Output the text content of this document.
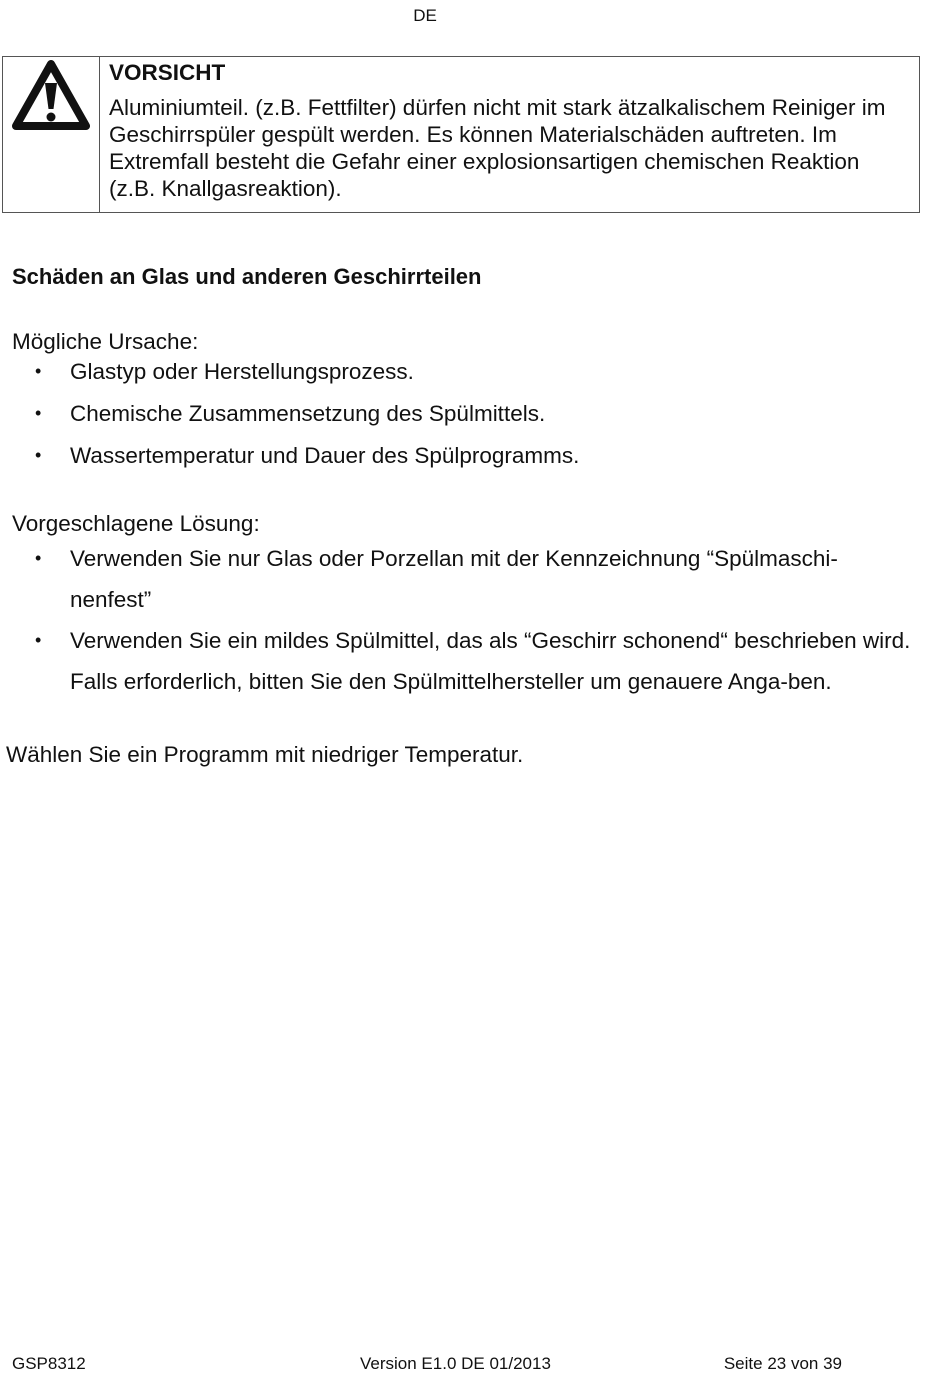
DE
VORSICHT

Aluminiumteil. (z.B. Fettfilter) dürfen nicht mit stark ätzalkalischem Reiniger im Geschirrspüler gespült werden. Es können Materialschäden auftreten. Im Extremfall besteht die Gefahr einer explosionsartigen chemischen Reaktion (z.B. Knallgasreaktion).

Schäden an Glas und anderen Geschirrteilen

Mögliche Ursache:

• Glastyp oder Herstellungsprozess.
• Chemische Zusammensetzung des Spülmittels.
• Wassertemperatur und Dauer des Spülprogramms.

Vorgeschlagene Lösung:

• Verwenden Sie nur Glas oder Porzellan mit der Kennzeichnung “Spülmaschi-nenfest”
• Verwenden Sie ein mildes Spülmittel, das als “Geschirr schonend“ beschrieben wird. Falls erforderlich, bitten Sie den Spülmittelhersteller um genauere Anga-ben.
Wählen Sie ein Programm mit niedriger Temperatur.
GSP8312	Version E1.0 DE 01/2013	Seite 23 von 39
